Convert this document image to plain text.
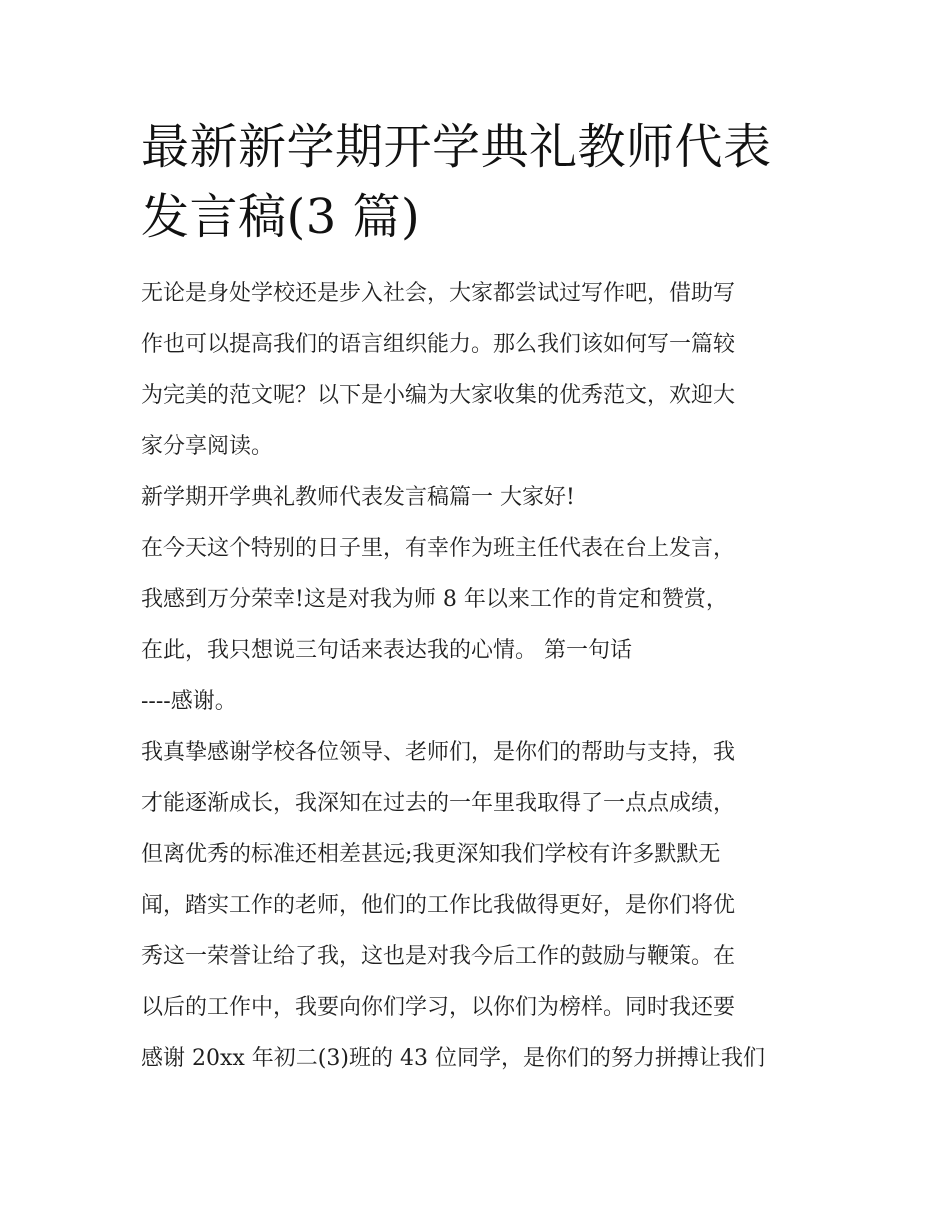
最新新学期开学典礼教师代表
发言稿(3 篇)

无论是身处学校还是步入社会，大家都尝试过写作吧，借助写
作也可以提高我们的语言组织能力。那么我们该如何写一篇较
为完美的范文呢？以下是小编为大家收集的优秀范文，欢迎大
家分享阅读。

新学期开学典礼教师代表发言稿篇一 大家好!

在今天这个特别的日子里，有幸作为班主任代表在台上发言，
我感到万分荣幸!这是对我为师 8 年以来工作的肯定和赞赏，
在此，我只想说三句话来表达我的心情。 第一句话
----感谢。

我真挚感谢学校各位领导、老师们，是你们的帮助与支持，我
才能逐渐成长，我深知在过去的一年里我取得了一点点成绩，
但离优秀的标准还相差甚远;我更深知我们学校有许多默默无
闻，踏实工作的老师，他们的工作比我做得更好，是你们将优
秀这一荣誉让给了我，这也是对我今后工作的鼓励与鞭策。在
以后的工作中，我要向你们学习，以你们为榜样。同时我还要
感谢 20xx 年初二(3)班的 43 位同学，是你们的努力拼搏让我们
